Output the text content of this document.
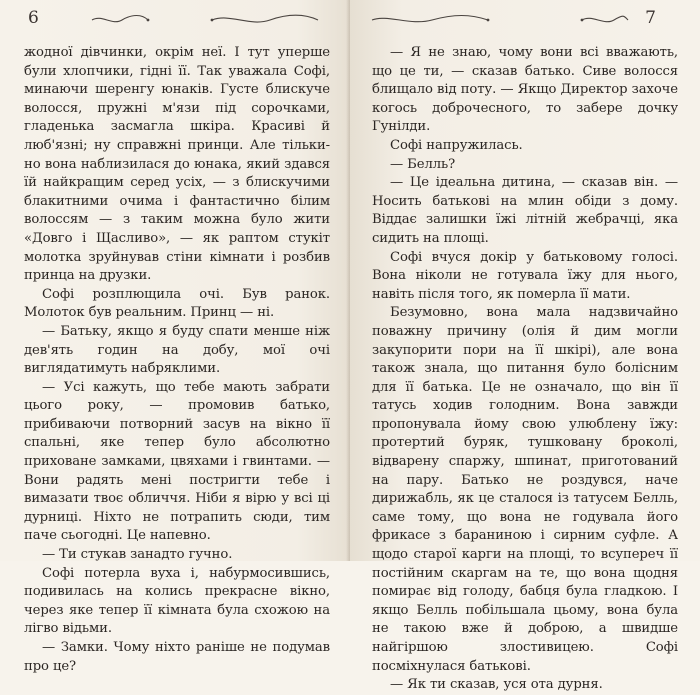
6

жодної дівчинки, окрім неї. І тут уперше були хлопчики, гідні її. Так уважала Софі, минаючи шеренгу юнаків. Густе блискуче волосся, пружні м'язи під сорочками, гладенька засмагла шкіра. Красиві й люб'язні; ну справжні принци. Але тільки-но вона наблизилася до юнака, який здався їй найкращим серед усіх, — з блискучими блакитними очима і фантастично білим волоссям — з таким можна було жити «Довго і Щасливо», — як раптом стукіт молотка зруйнував стіни кімнати і розбив принца на друзки.

Софі розплющила очі. Був ранок. Молоток був реальним. Принц — ні.

— Батьку, якщо я буду спати менше ніж дев'ять годин на добу, мої очі виглядатимуть набряклими.

— Усі кажуть, що тебе мають забрати цього року, — промовив батько, прибиваючи потворний засув на вікно її спальні, яке тепер було абсолютно приховане замками, цвяхами і гвинтами. — Вони радять мені постригти тебе і вимазати твоє обличчя. Ніби я вірю у всі ці дурниці. Ніхто не потрапить сюди, тим паче сьогодні. Це напевно.

— Ти стукав занадто гучно.

Софі потерла вуха і, набурмосившись, подивилась на колись прекрасне вікно, через яке тепер її кімната була схожою на лігво відьми.

— Замки. Чому ніхто раніше не подумав про це?

7

— Я не знаю, чому вони всі вважають, що це ти, — сказав батько. Сиве волосся блищало від поту. — Якщо Директор захоче когось доброчесного, то забере дочку Гунілди.

Софі напружилась.

— Белль?

— Це ідеальна дитина, — сказав він. — Носить батькові на млин обіди з дому. Віддає залишки їжі літній жебрачці, яка сидить на площі.

Софі вчуся докір у батьковому голосі. Вона ніколи не готувала їжу для нього, навіть після того, як померла її мати.

Безумовно, вона мала надзвичайно поважну причину (олія й дим могли закупорити пори на її шкірі), але вона також знала, що питання було болісним для її батька. Це не означало, що він її татусь ходив голодним. Вона завжди пропонувала йому свою улюблену їжу: протертий буряк, тушковану броколі, відварену спаржу, шпинат, приготований на пару. Батько не роздувся, наче дирижабль, як це сталося із татусем Белль, саме тому, що вона не годувала його фрикасе з бараниною і сирним суфле. А щодо старої карги на площі, то всупереч її постійним скаргам на те, що вона щодня помирає від голоду, бабця була гладкою. І якщо Белль побільшала цьому, вона була не такою вже й доброю, а швидше найгіршою злостивицею. Софі посміхнулася батькові.

— Як ти сказав, уся ота дурня.
